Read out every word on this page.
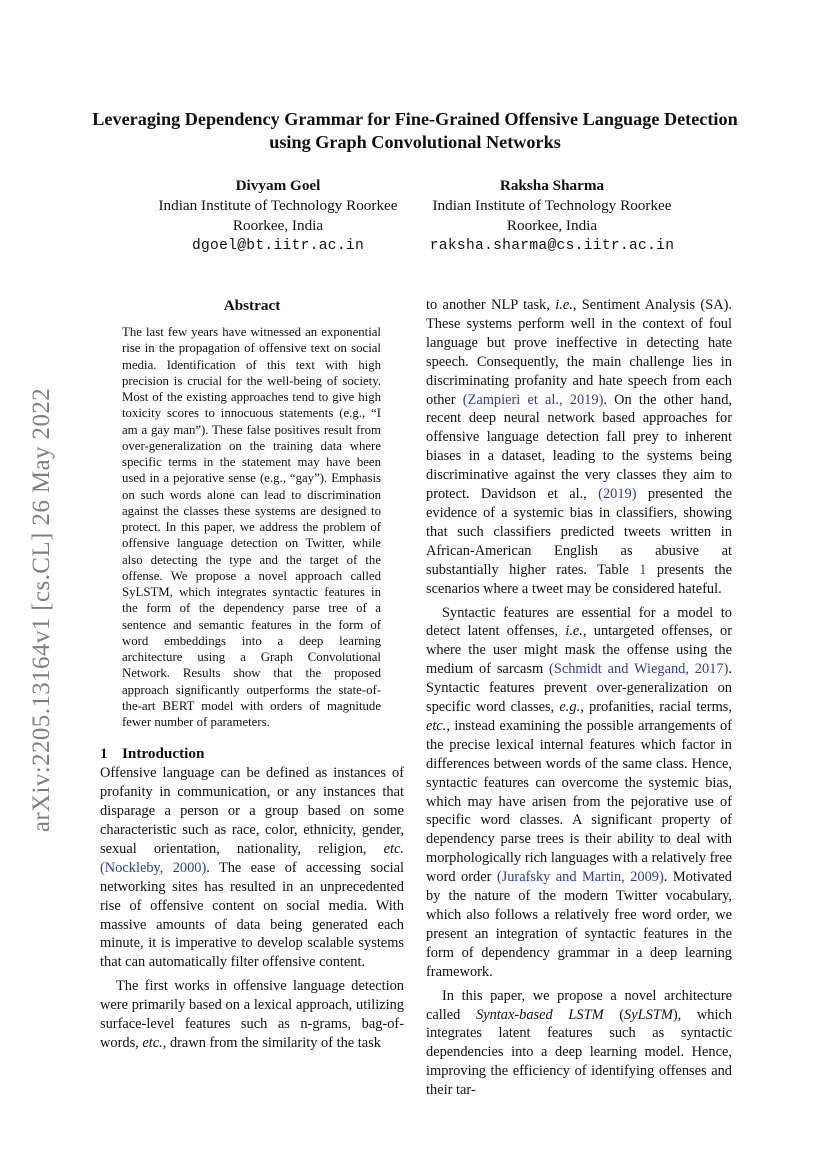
arXiv:2205.13164v1 [cs.CL] 26 May 2022
Leveraging Dependency Grammar for Fine-Grained Offensive Language Detection using Graph Convolutional Networks
Divyam Goel
Indian Institute of Technology Roorkee
Roorkee, India
dgoel@bt.iitr.ac.in
Raksha Sharma
Indian Institute of Technology Roorkee
Roorkee, India
raksha.sharma@cs.iitr.ac.in
Abstract
The last few years have witnessed an exponential rise in the propagation of offensive text on social media. Identification of this text with high precision is crucial for the well-being of society. Most of the existing approaches tend to give high toxicity scores to innocuous statements (e.g., “I am a gay man”). These false positives result from over-generalization on the training data where specific terms in the statement may have been used in a pejorative sense (e.g., “gay”). Emphasis on such words alone can lead to discrimination against the classes these systems are designed to protect. In this paper, we address the problem of offensive language detection on Twitter, while also detecting the type and the target of the offense. We propose a novel approach called SyLSTM, which integrates syntactic features in the form of the dependency parse tree of a sentence and semantic features in the form of word embeddings into a deep learning architecture using a Graph Convolutional Network. Results show that the proposed approach significantly outperforms the state-of-the-art BERT model with orders of magnitude fewer number of parameters.
1 Introduction

Offensive language can be defined as instances of profanity in communication, or any instances that disparage a person or a group based on some characteristic such as race, color, ethnicity, gender, sexual orientation, nationality, religion, etc. (Nockleby, 2000). The ease of accessing social networking sites has resulted in an unprecedented rise of offensive content on social media. With massive amounts of data being generated each minute, it is imperative to develop scalable systems that can automatically filter offensive content.

The first works in offensive language detection were primarily based on a lexical approach, utilizing surface-level features such as n-grams, bag-of-words, etc., drawn from the similarity of the task

to another NLP task, i.e., Sentiment Analysis (SA). These systems perform well in the context of foul language but prove ineffective in detecting hate speech. Consequently, the main challenge lies in discriminating profanity and hate speech from each other (Zampieri et al., 2019). On the other hand, recent deep neural network based approaches for offensive language detection fall prey to inherent biases in a dataset, leading to the systems being discriminative against the very classes they aim to protect. Davidson et al., (2019) presented the evidence of a systemic bias in classifiers, showing that such classifiers predicted tweets written in African-American English as abusive at substantially higher rates. Table 1 presents the scenarios where a tweet may be considered hateful.

Syntactic features are essential for a model to detect latent offenses, i.e., untargeted offenses, or where the user might mask the offense using the medium of sarcasm (Schmidt and Wiegand, 2017). Syntactic features prevent over-generalization on specific word classes, e.g., profanities, racial terms, etc., instead examining the possible arrangements of the precise lexical internal features which factor in differences between words of the same class. Hence, syntactic features can overcome the systemic bias, which may have arisen from the pejorative use of specific word classes. A significant property of dependency parse trees is their ability to deal with morphologically rich languages with a relatively free word order (Jurafsky and Martin, 2009). Motivated by the nature of the modern Twitter vocabulary, which also follows a relatively free word order, we present an integration of syntactic features in the form of dependency grammar in a deep learning framework.

In this paper, we propose a novel architecture called Syntax-based LSTM (SyLSTM), which integrates latent features such as syntactic dependencies into a deep learning model. Hence, improving the efficiency of identifying offenses and their tar-
